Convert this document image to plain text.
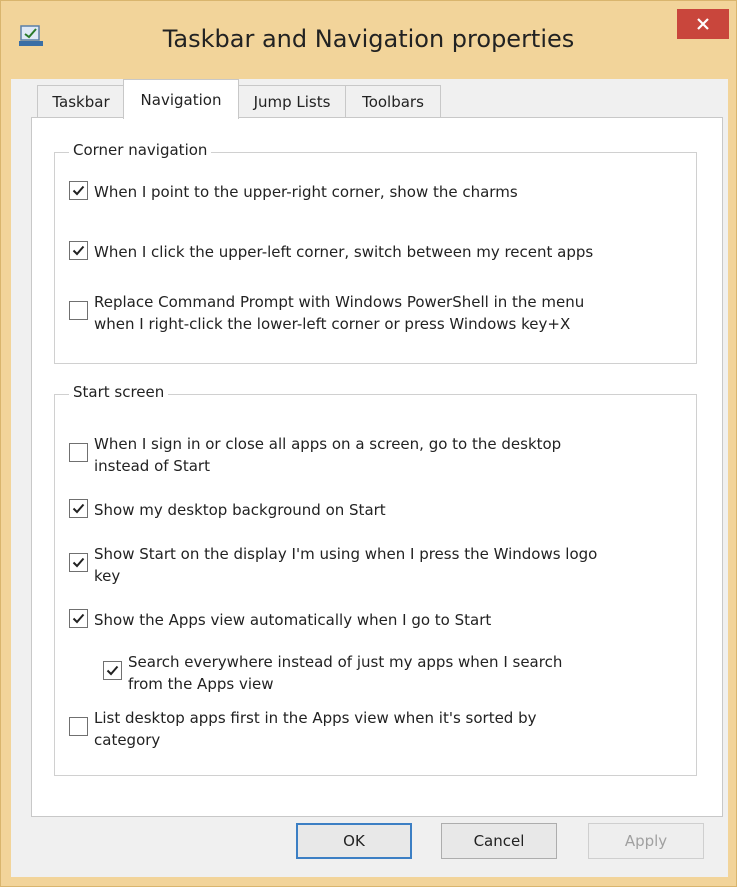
Taskbar and Navigation properties
Taskbar	Navigation	Jump Lists	Toolbars
Corner navigation
When I point to the upper-right corner, show the charms
When I click the upper-left corner, switch between my recent apps
Replace Command Prompt with Windows PowerShell in the menu
when I right-click the lower-left corner or press Windows key+X
Start screen
When I sign in or close all apps on a screen, go to the desktop
instead of Start
Show my desktop background on Start
Show Start on the display I'm using when I press the Windows logo
key
Show the Apps view automatically when I go to Start
Search everywhere instead of just my apps when I search
from the Apps view
List desktop apps first in the Apps view when it's sorted by
category
OK	Cancel	Apply
